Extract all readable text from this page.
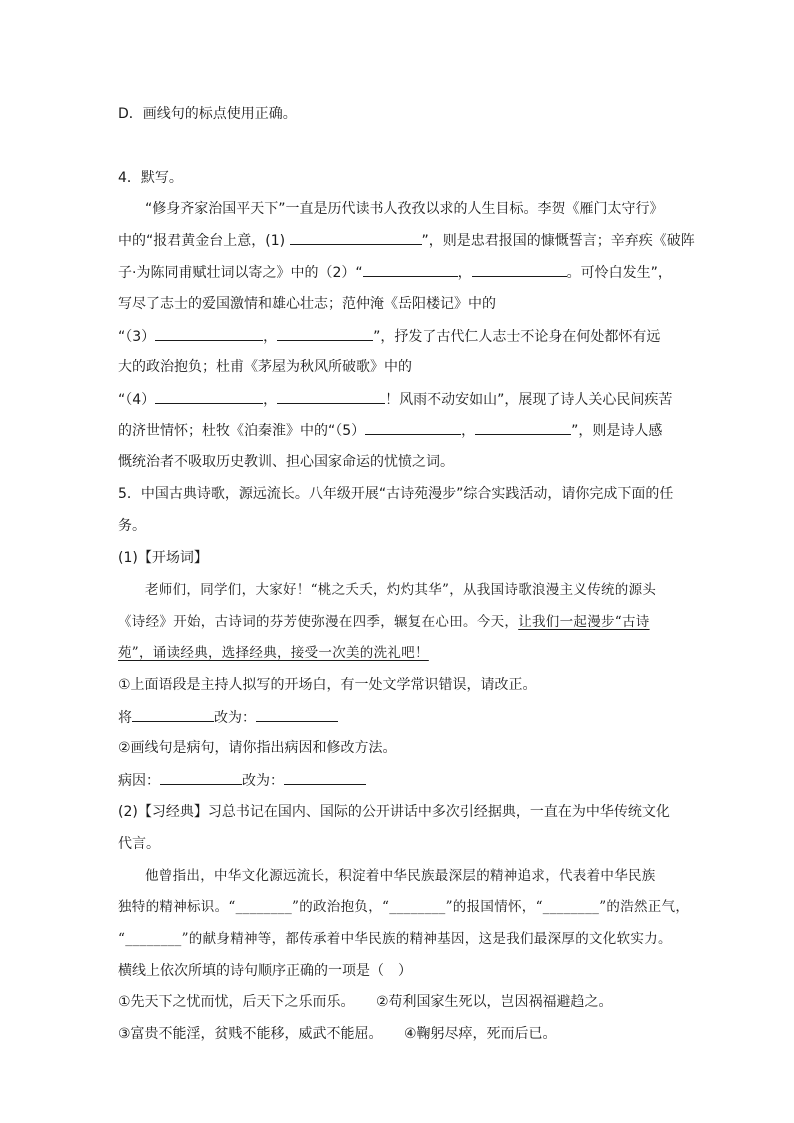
D．画线句的标点使用正确。
4．默写。
“修身齐家治国平天下”一直是历代读书人孜孜以求的人生目标。李贺《雁门太守行》
中的“报君黄金台上意，(1)	”，则是忠君报国的慷慨誓言；辛弃疾《破阵
子·为陈同甫赋壮词以寄之》中的（2）“	，	。可怜白发生”，
写尽了志士的爱国激情和雄心壮志；范仲淹《岳阳楼记》中的
“（3）	，	”，抒发了古代仁人志士不论身在何处都怀有远
大的政治抱负；杜甫《茅屋为秋风所破歌》中的
“（4）	，	！风雨不动安如山”，展现了诗人关心民间疾苦
的济世情怀；杜牧《泊秦淮》中的“（5）	，	”，则是诗人感
慨统治者不吸取历史教训、担心国家命运的忧愤之词。
5．中国古典诗歌，源远流长。八年级开展“古诗苑漫步”综合实践活动，请你完成下面的任
务。
(1)【开场词】
老师们，同学们，大家好！“桃之夭夭，灼灼其华”，从我国诗歌浪漫主义传统的源头
《诗经》开始，古诗词的芬芳使弥漫在四季，辗复在心田。今天，让我们一起漫步“古诗
苑”，诵读经典，选择经典，接受一次美的洗礼吧！
①上面语段是主持人拟写的开场白，有一处文学常识错误，请改正。
将	改为：
②画线句是病句，请你指出病因和修改方法。
病因：	改为：
(2)【习经典】习总书记在国内、国际的公开讲话中多次引经据典，一直在为中华传统文化
代言。
他曾指出，中华文化源远流长，积淀着中华民族最深层的精神追求，代表着中华民族
独特的精神标识。“________”的政治抱负，“________”的报国情怀，“________”的浩然正气，
“________”的献身精神等，都传承着中华民族的精神基因，这是我们最深厚的文化软实力。
横线上依次所填的诗句顺序正确的一项是（　）
①先天下之忧而忧，后天下之乐而乐。 ②苟利国家生死以，岂因祸福避趋之。
③富贵不能淫，贫贱不能移，威武不能屈。 ④鞠躬尽瘁，死而后已。
